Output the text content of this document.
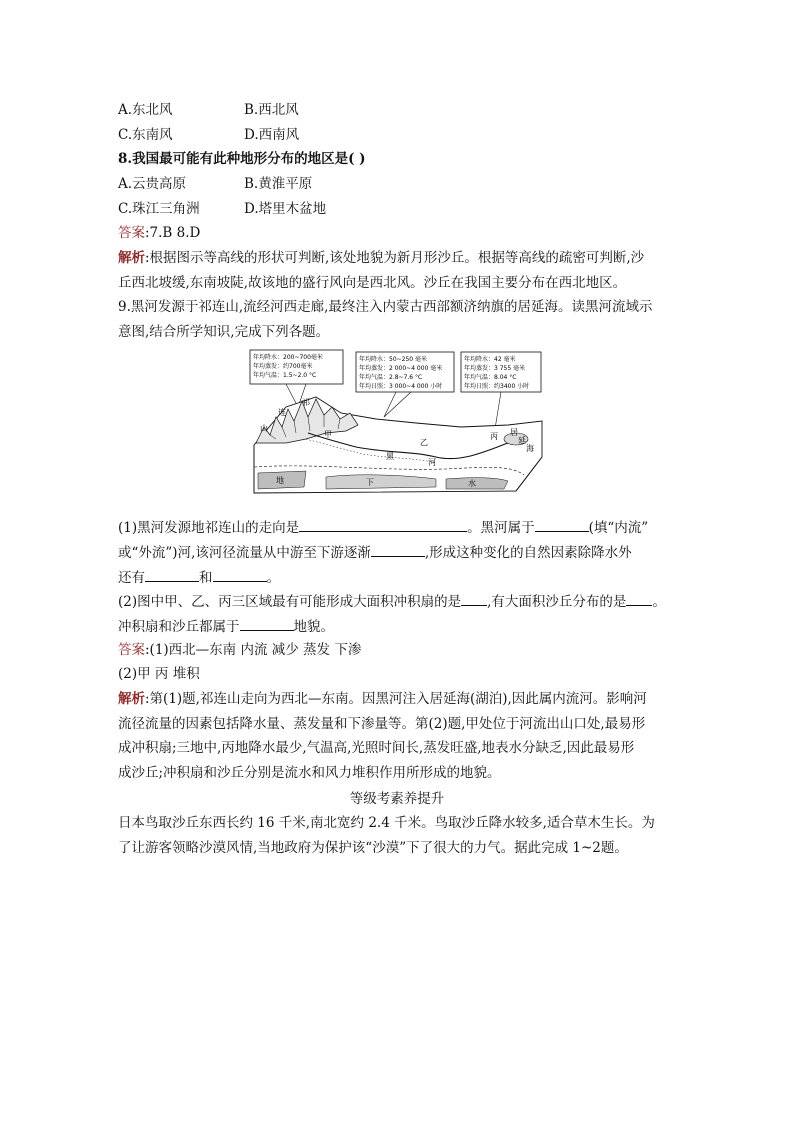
A.东北风	B.西北风
C.东南风	D.西南风
8.我国最可能有此种地形分布的地区是( )
A.云贵高原	B.黄淮平原
C.珠江三角洲	D.塔里木盆地
答案:7.B 8.D
解析:根据图示等高线的形状可判断,该处地貌为新月形沙丘。根据等高线的疏密可判断,沙
丘西北坡缓,东南坡陡,故该地的盛行风向是西北风。沙丘在我国主要分布在西北地区。
9.黑河发源于祁连山,流经河西走廊,最终注入内蒙古西部额济纳旗的居延海。读黑河流域示
意图,结合所学知识,完成下列各题。
年均降水：200~700毫米
年均蒸发：约700毫米
年均气温：1.5~2.0 °C
年均降水：50~250 毫米
年均蒸发：2 000~4 000 毫米
年均气温：2.8~7.6 °C
年均日照：3 000~4 000 小时
年均降水：42 毫米
年均蒸发：3 755 毫米
年均气温：8.04 °C
年均日照：约3400 小时
祁
连
山
甲
乙
丙
黑
河
居
延
海
地	下	水
(1)黑河发源地祁连山的走向是	。黑河属于	(填“内流”
或“外流”)河,该河径流量从中游至下游逐渐	,形成这种变化的自然因素除降水外
还有	和	。
(2)图中甲、乙、丙三区域最有可能形成大面积冲积扇的是 ,有大面积沙丘分布的是 。
冲积扇和沙丘都属于	地貌。
答案:(1)西北—东南 内流 减少 蒸发 下渗
(2)甲 丙 堆积
解析:第(1)题,祁连山走向为西北—东南。因黑河注入居延海(湖泊),因此属内流河。影响河
流径流量的因素包括降水量、蒸发量和下渗量等。第(2)题,甲处位于河流出山口处,最易形
成冲积扇;三地中,丙地降水最少,气温高,光照时间长,蒸发旺盛,地表水分缺乏,因此最易形
成沙丘;冲积扇和沙丘分别是流水和风力堆积作用所形成的地貌。
等级考素养提升
日本鸟取沙丘东西长约 16 千米,南北宽约 2.4 千米。鸟取沙丘降水较多,适合草木生长。为
了让游客领略沙漠风情,当地政府为保护该“沙漠”下了很大的力气。据此完成 1~2题。
